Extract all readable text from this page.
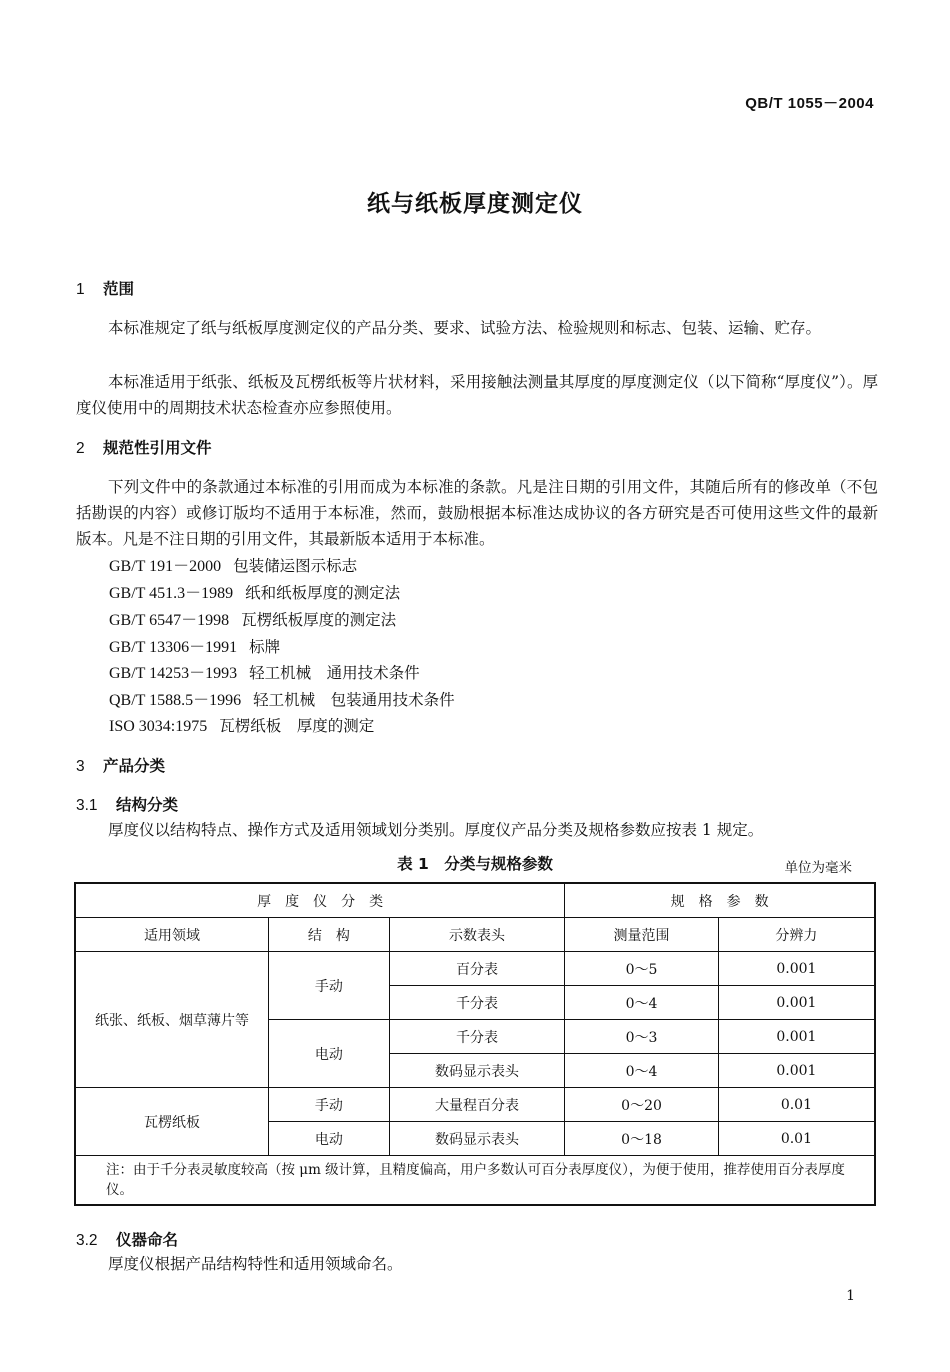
QB/T 1055－2004
纸与纸板厚度测定仪
1 范围
本标准规定了纸与纸板厚度测定仪的产品分类、要求、试验方法、检验规则和标志、包装、运输、贮存。
本标准适用于纸张、纸板及瓦楞纸板等片状材料，采用接触法测量其厚度的厚度测定仪（以下简称“厚度仪”）。厚度仪使用中的周期技术状态检查亦应参照使用。
2 规范性引用文件
下列文件中的条款通过本标准的引用而成为本标准的条款。凡是注日期的引用文件，其随后所有的修改单（不包括勘误的内容）或修订版均不适用于本标准，然而，鼓励根据本标准达成协议的各方研究是否可使用这些文件的最新版本。凡是不注日期的引用文件，其最新版本适用于本标准。
GB/T 191－2000 包装储运图示标志
GB/T 451.3－1989 纸和纸板厚度的测定法
GB/T 6547－1998 瓦楞纸板厚度的测定法
GB/T 13306－1991 标牌
GB/T 14253－1993 轻工机械　通用技术条件
QB/T 1588.5－1996 轻工机械　包装通用技术条件
ISO 3034:1975 瓦楞纸板　厚度的测定
3 产品分类
3.1 结构分类
厚度仪以结构特点、操作方式及适用领域划分类别。厚度仪产品分类及规格参数应按表 1 规定。
表 1　分类与规格参数	单位为毫米
厚　度　仪　分　类			规　格　参　数	
适用领域	结　构	示数表头	测量范围	分辨力
纸张、纸板、烟草薄片等	手动	百分表	0～5	0.001
		千分表	0～4	0.001
	电动	千分表	0～3	0.001
		数码显示表头	0～4	0.001
瓦楞纸板	手动	大量程百分表	0～20	0.01
	电动	数码显示表头	0～18	0.01
注：由于千分表灵敏度较高（按 μm 级计算，且精度偏高，用户多数认可百分表厚度仪），为便于使用，推荐使用百分表厚度仪。				
3.2 仪器命名
厚度仪根据产品结构特性和适用领域命名。
1
